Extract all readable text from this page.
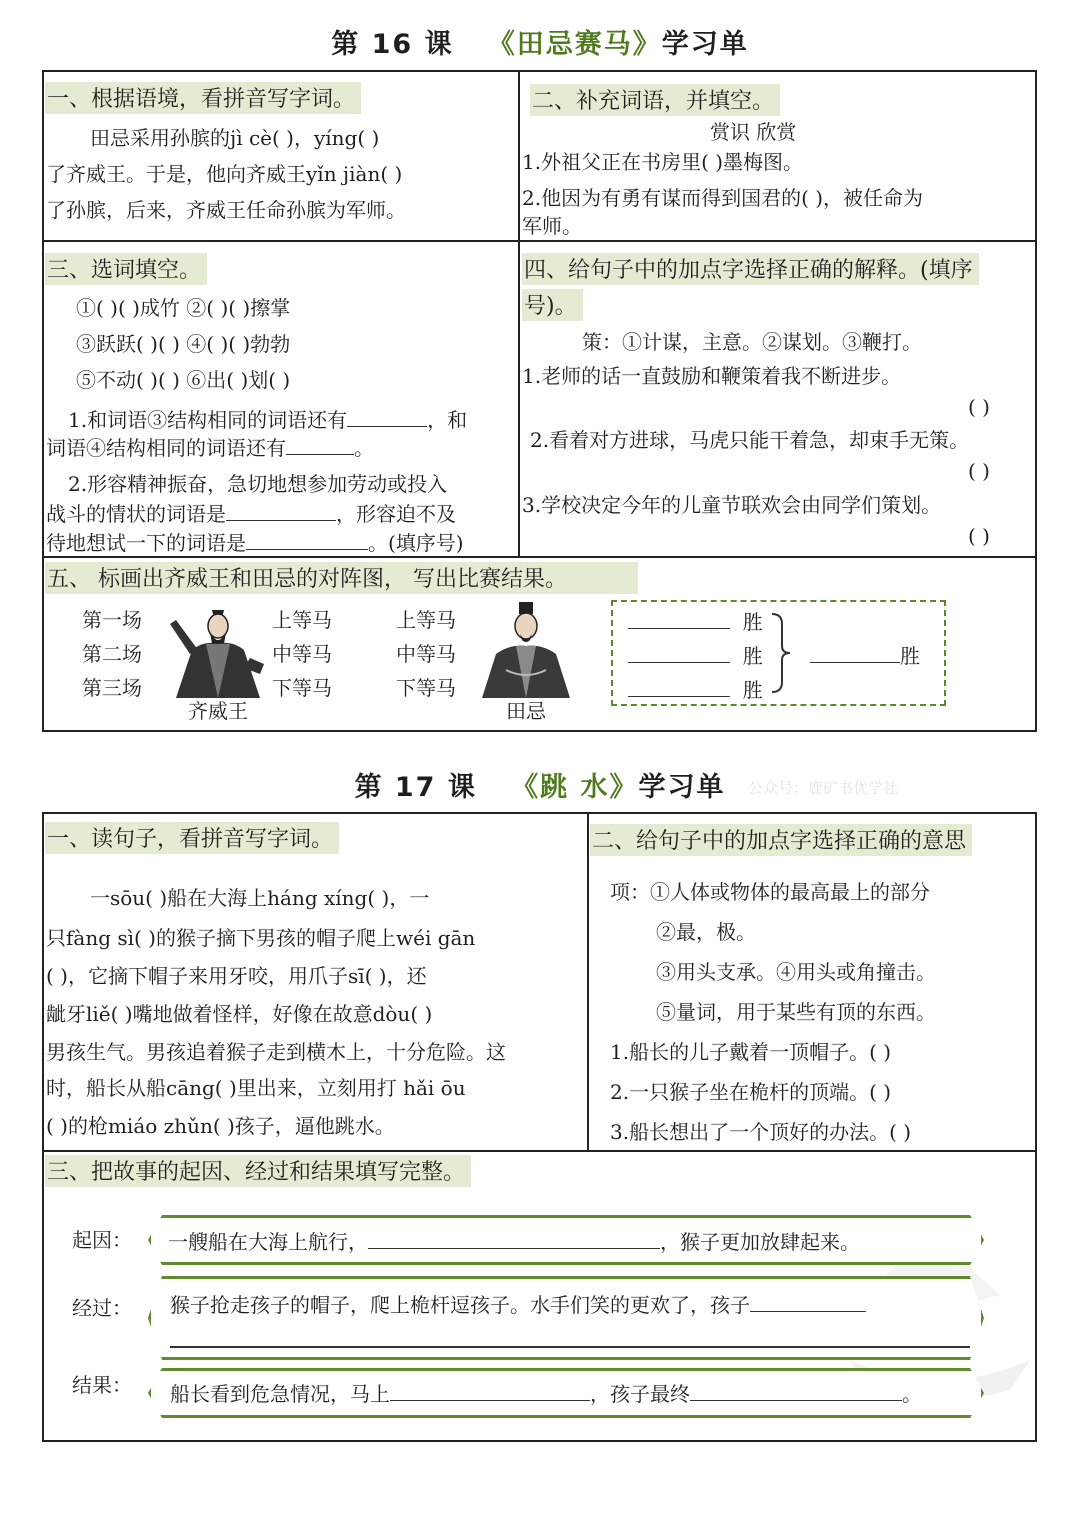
第 16 课 《田忌赛马》学习单
一、根据语境，看拼音写字词。
田忌采用孙膑的jì cè( )，yíng( )
了齐威王。于是，他向齐威王yǐn jiàn( )
了孙膑，后来，齐威王任命孙膑为军师。
二、补充词语，并填空。
赏识 欣赏
1.外祖父正在书房里( )墨梅图。
2.他因为有勇有谋而得到国君的( )，被任命为
军师。
三、选词填空。
①( )( )成竹 ②( )( )擦掌
③跃跃( )( ) ④( )( )勃勃
⑤不动( )( ) ⑥出( )划( )
1.和词语③结构相同的词语还有	，和
词语④结构相同的词语还有	。
2.形容精神振奋，急切地想参加劳动或投入
战斗的情状的词语是	，形容迫不及
待地想试一下的词语是	。(填序号)
四、给句子中的加点字选择正确的解释。(填序
号)。
策：①计谋，主意。②谋划。③鞭打。
1.老师的话一直鼓励和鞭策着我不断进步。
( )
2.看着对方进球，马虎只能干着急，却束手无策。
( )
3.学校决定今年的儿童节联欢会由同学们策划。
( )
五、 标画出齐威王和田忌的对阵图， 写出比赛结果。
第一场
第二场
第三场
齐威王
上等马
中等马
下等马
上等马
中等马
下等马
田忌
胜
胜
胜
胜
第 17 课 《跳 水》学习单	公众号：鹿矿书优学社
一、读句子，看拼音写字词。
一sōu( )船在大海上háng xíng( )，一
只fàng sì( )的猴子摘下男孩的帽子爬上wéi gān
( )，它摘下帽子来用牙咬，用爪子sī( )，还
龇牙liě( )嘴地做着怪样，好像在故意dòu( )
男孩生气。男孩追着猴子走到横木上，十分危险。这
时，船长从船cāng( )里出来，立刻用打 hǎi ōu
( )的枪miáo zhǔn( )孩子，逼他跳水。
二、给句子中的加点字选择正确的意思
项：①人体或物体的最高最上的部分
②最，极。
③用头支承。④用头或角撞击。
⑤量词，用于某些有顶的东西。
1.船长的儿子戴着一顶帽子。( )
2.一只猴子坐在桅杆的顶端。( )
3.船长想出了一个顶好的办法。( )
三、把故事的起因、经过和结果填写完整。
起因： 一艘船在大海上航行，	，猴子更加放肆起来。
经过： 猴子抢走孩子的帽子，爬上桅杆逗孩子。水手们笑的更欢了，孩子
结果： 船长看到危急情况，马上	，孩子最终	。
